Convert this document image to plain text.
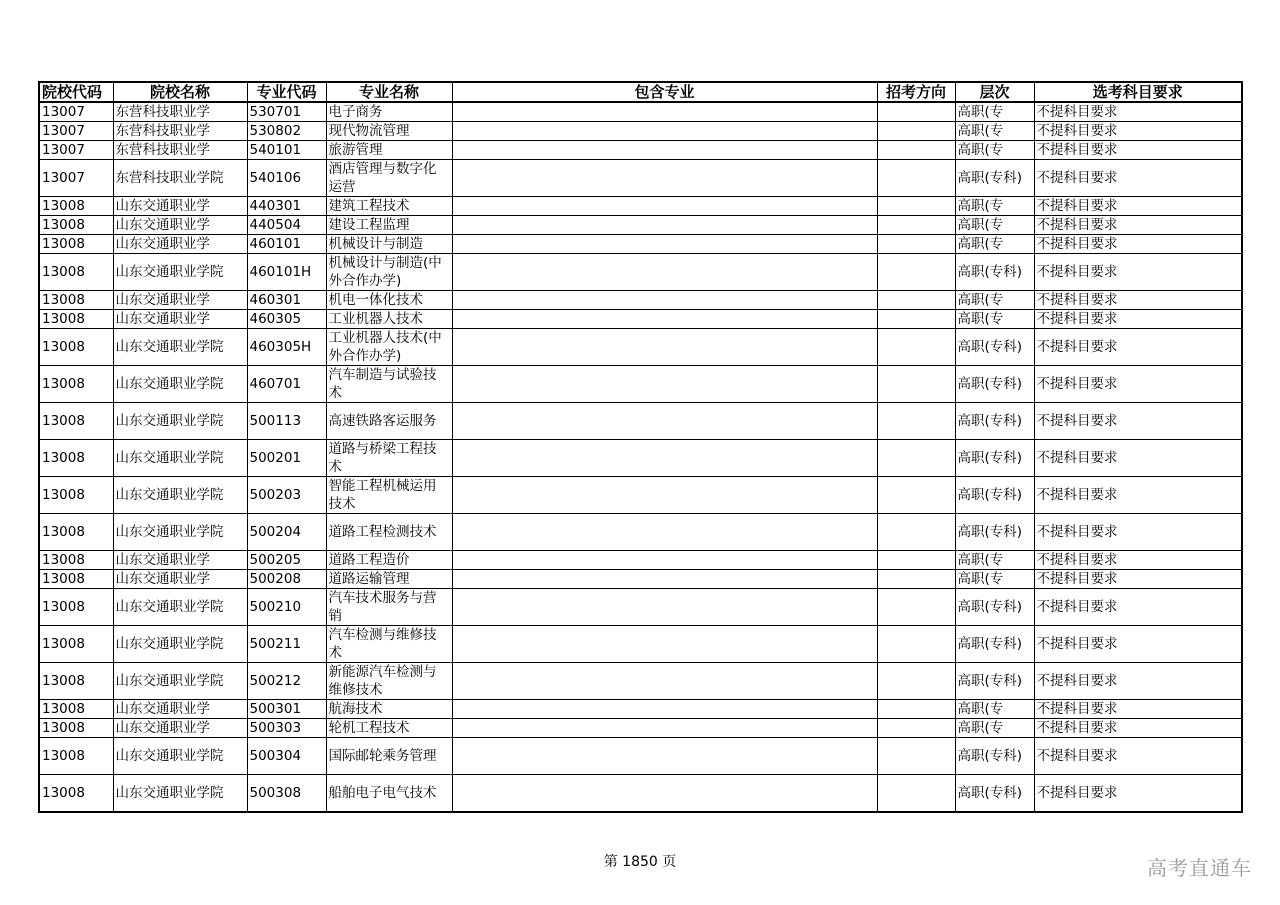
院校代码	院校名称	专业代码	专业名称	包含专业	招考方向	层次	选考科目要求
13007	东营科技职业学	530701	电子商务			高职(专	不提科目要求
13007	东营科技职业学	530802	现代物流管理			高职(专	不提科目要求
13007	东营科技职业学	540101	旅游管理			高职(专	不提科目要求
13007	东营科技职业学院	540106	酒店管理与数字化运营			高职(专科)	不提科目要求
13008	山东交通职业学	440301	建筑工程技术			高职(专	不提科目要求
13008	山东交通职业学	440504	建设工程监理			高职(专	不提科目要求
13008	山东交通职业学	460101	机械设计与制造			高职(专	不提科目要求
13008	山东交通职业学院	460101H	机械设计与制造(中外合作办学)			高职(专科)	不提科目要求
13008	山东交通职业学	460301	机电一体化技术			高职(专	不提科目要求
13008	山东交通职业学	460305	工业机器人技术			高职(专	不提科目要求
13008	山东交通职业学院	460305H	工业机器人技术(中外合作办学)			高职(专科)	不提科目要求
13008	山东交通职业学院	460701	汽车制造与试验技术			高职(专科)	不提科目要求
13008	山东交通职业学院	500113	高速铁路客运服务			高职(专科)	不提科目要求
13008	山东交通职业学院	500201	道路与桥梁工程技术			高职(专科)	不提科目要求
13008	山东交通职业学院	500203	智能工程机械运用技术			高职(专科)	不提科目要求
13008	山东交通职业学院	500204	道路工程检测技术			高职(专科)	不提科目要求
13008	山东交通职业学	500205	道路工程造价			高职(专	不提科目要求
13008	山东交通职业学	500208	道路运输管理			高职(专	不提科目要求
13008	山东交通职业学院	500210	汽车技术服务与营销			高职(专科)	不提科目要求
13008	山东交通职业学院	500211	汽车检测与维修技术			高职(专科)	不提科目要求
13008	山东交通职业学院	500212	新能源汽车检测与维修技术			高职(专科)	不提科目要求
13008	山东交通职业学	500301	航海技术			高职(专	不提科目要求
13008	山东交通职业学	500303	轮机工程技术			高职(专	不提科目要求
13008	山东交通职业学院	500304	国际邮轮乘务管理			高职(专科)	不提科目要求
13008	山东交通职业学院	500308	船舶电子电气技术			高职(专科)	不提科目要求
第 1850 页	高考直通车
